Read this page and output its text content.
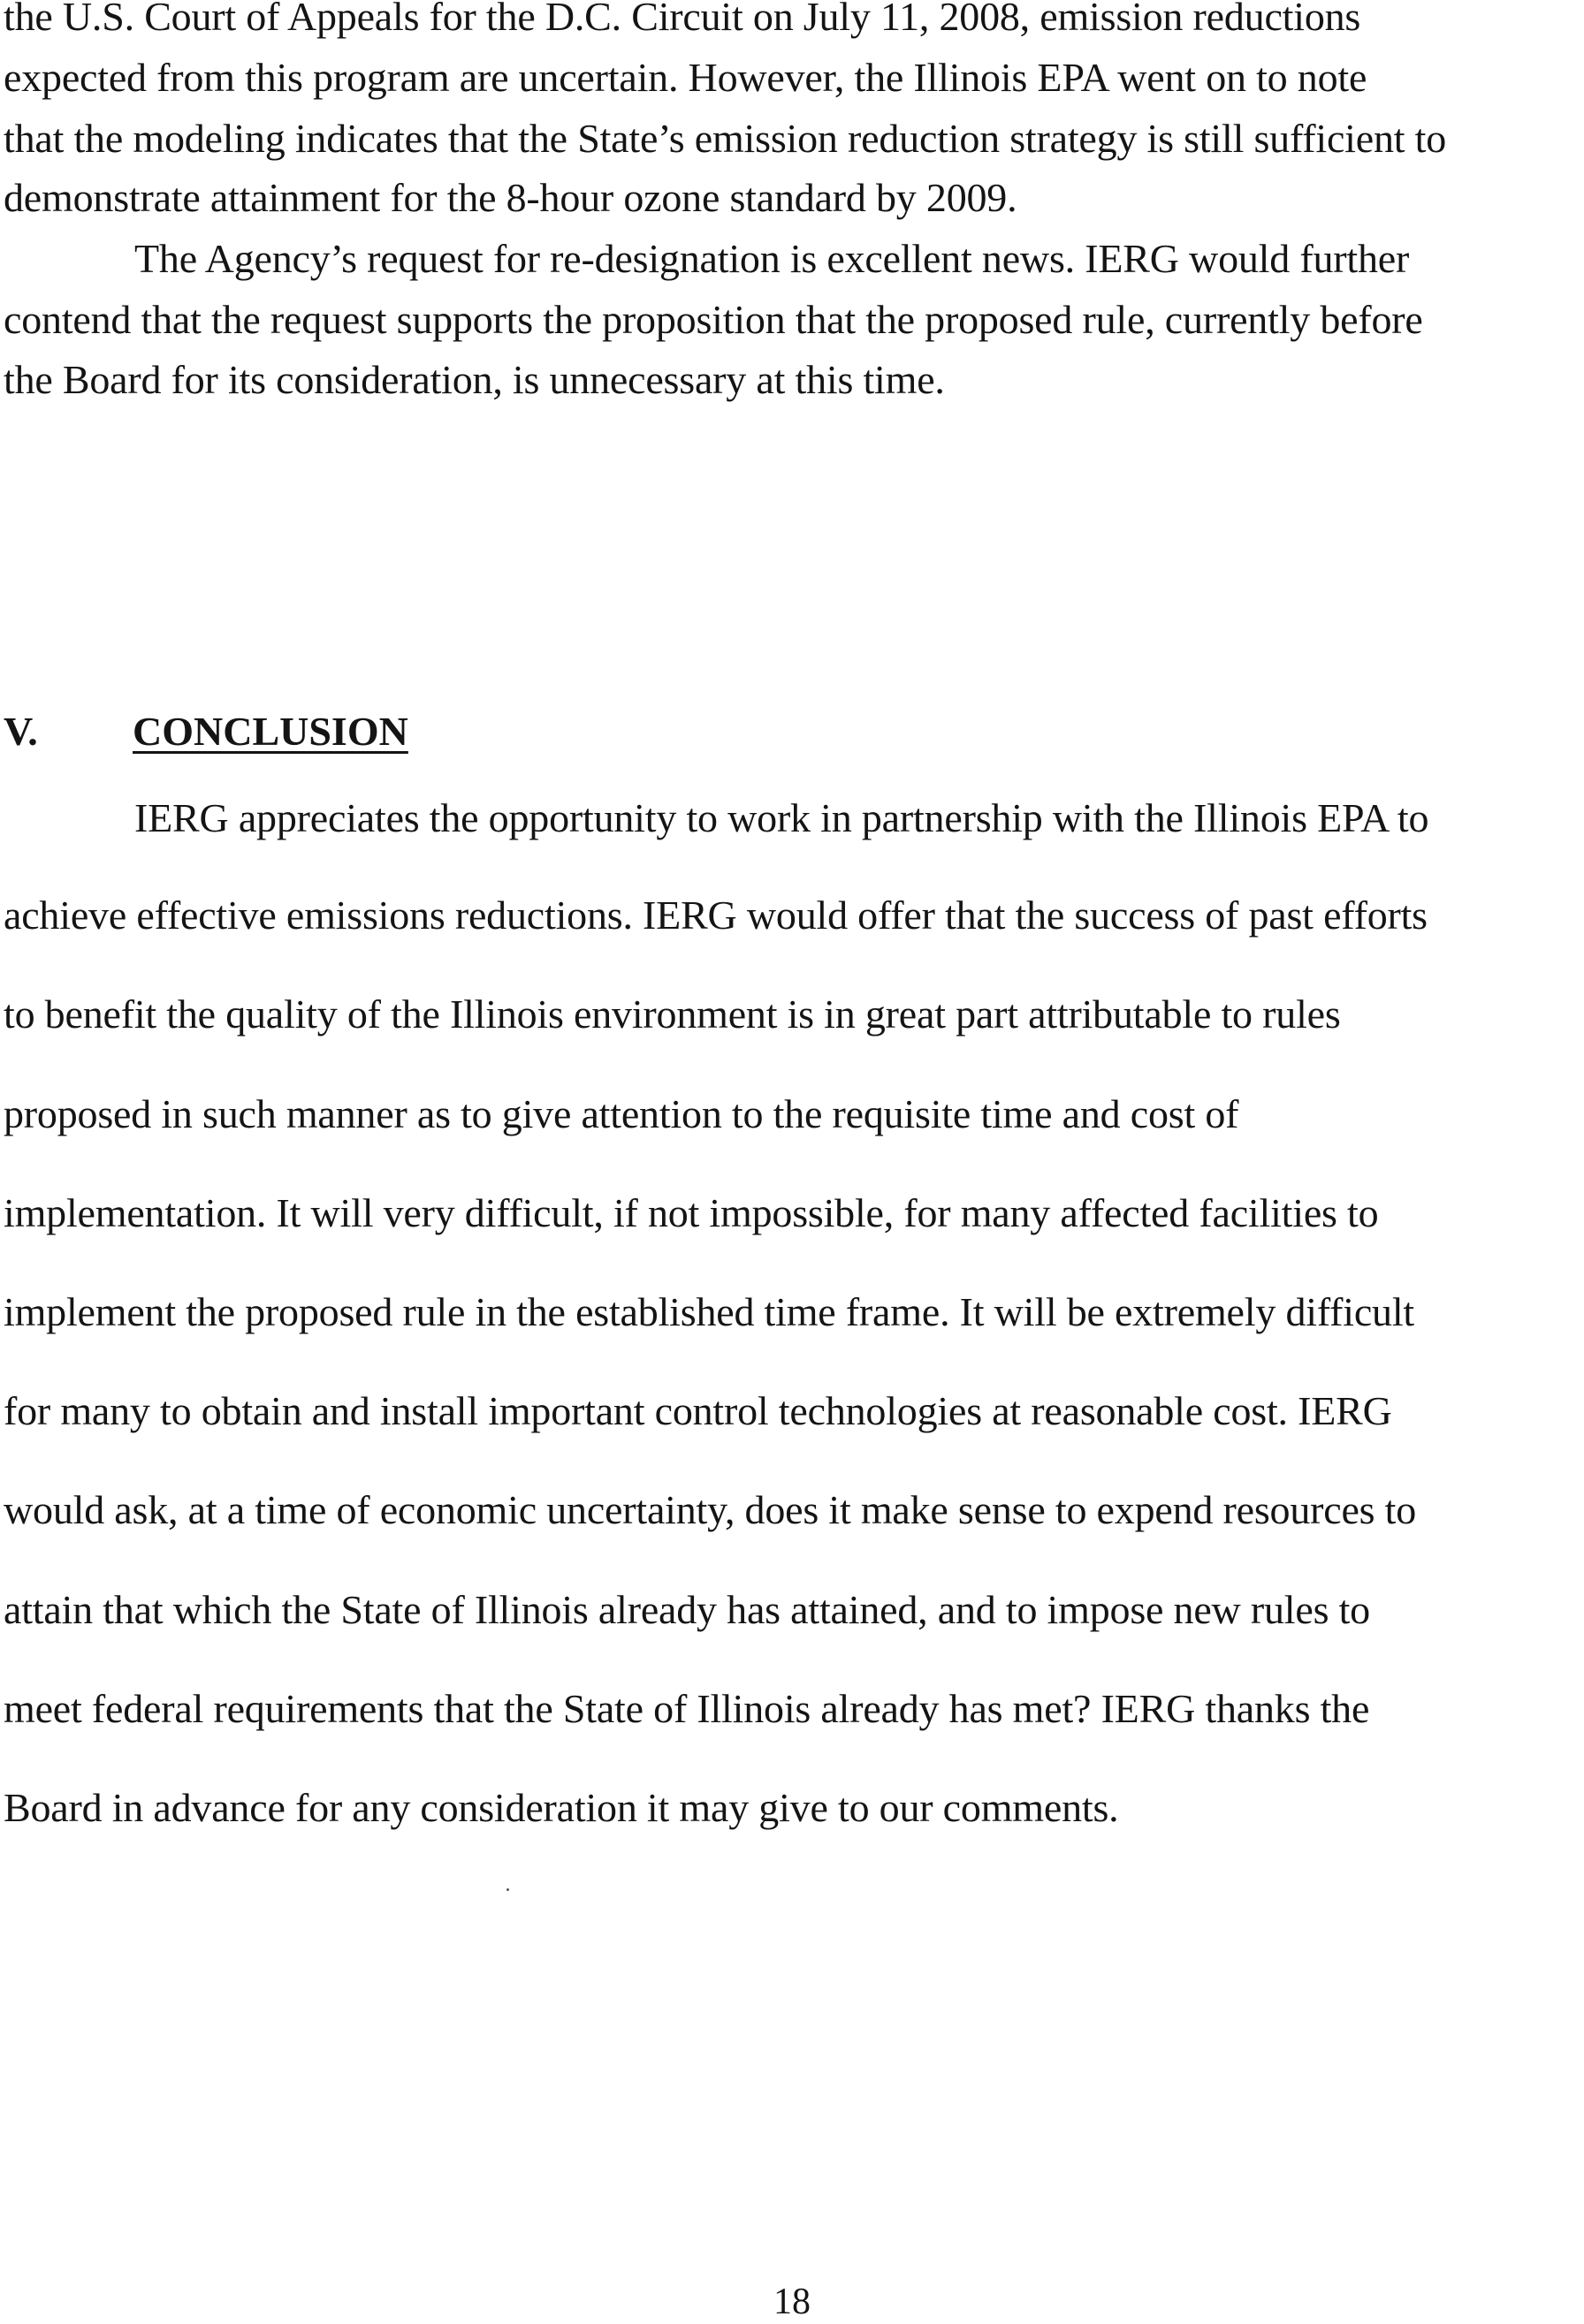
the U.S. Court of Appeals for the D.C. Circuit on July 11, 2008, emission reductions
expected from this program are uncertain. However, the Illinois EPA went on to note
that the modeling indicates that the State’s emission reduction strategy is still sufficient to
demonstrate attainment for the 8-hour ozone standard by 2009.
The Agency’s request for re-designation is excellent news. IERG would further
contend that the request supports the proposition that the proposed rule, currently before
the Board for its consideration, is unnecessary at this time.
V. CONCLUSION
IERG appreciates the opportunity to work in partnership with the Illinois EPA to
achieve effective emissions reductions. IERG would offer that the success of past efforts
to benefit the quality of the Illinois environment is in great part attributable to rules
proposed in such manner as to give attention to the requisite time and cost of
implementation. It will very difficult, if not impossible, for many affected facilities to
implement the proposed rule in the established time frame. It will be extremely difficult
for many to obtain and install important control technologies at reasonable cost. IERG
would ask, at a time of economic uncertainty, does it make sense to expend resources to
attain that which the State of Illinois already has attained, and to impose new rules to
meet federal requirements that the State of Illinois already has met? IERG thanks the
Board in advance for any consideration it may give to our comments.
18
